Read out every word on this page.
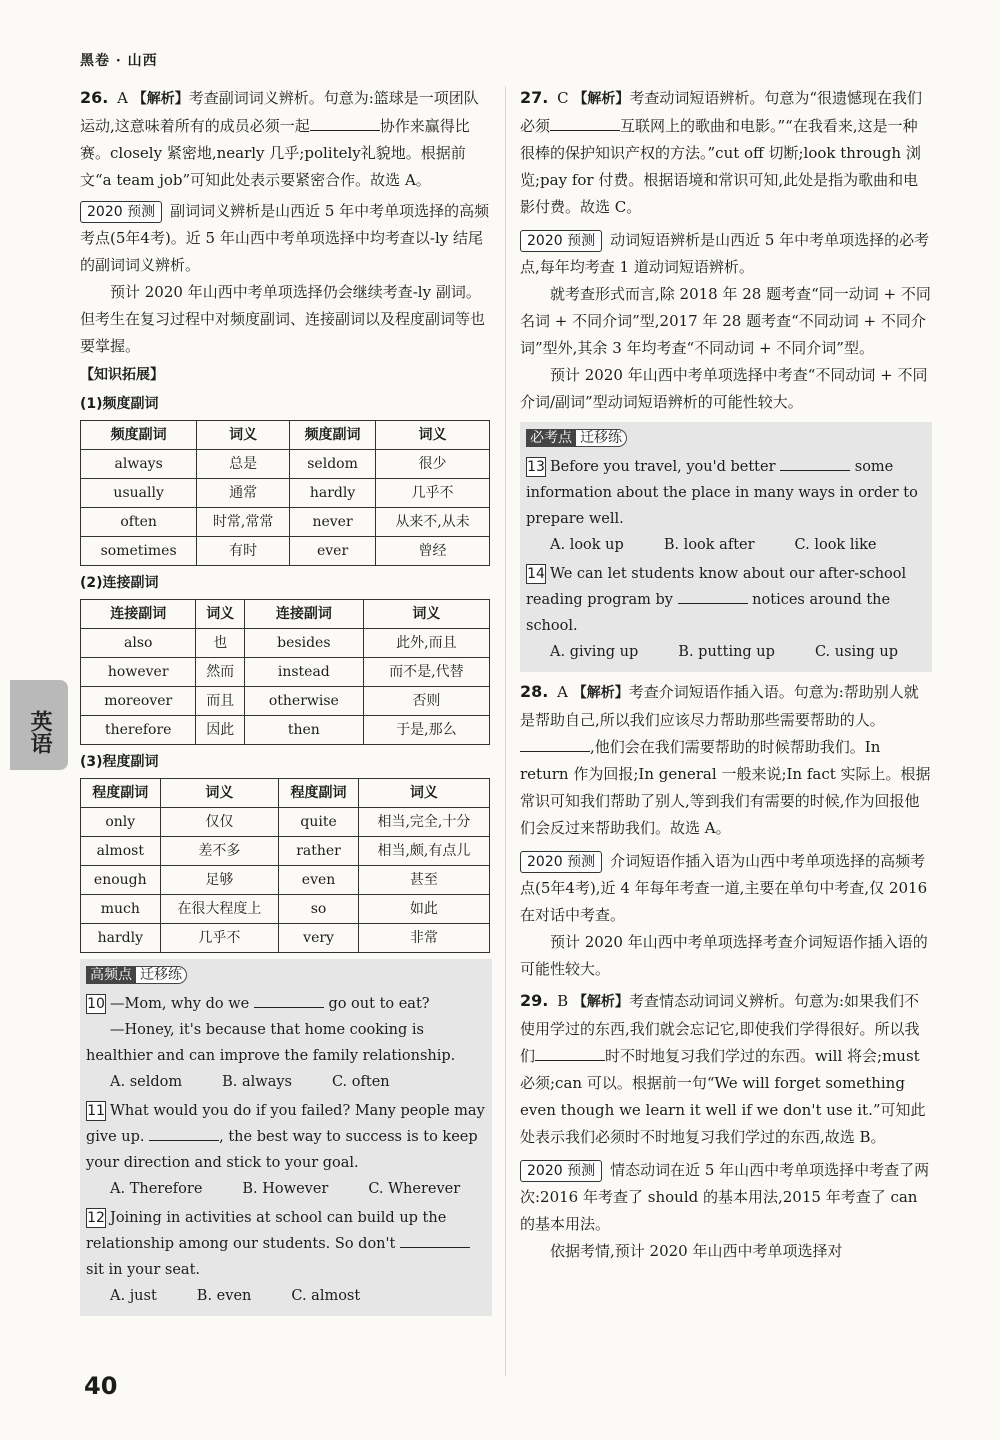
黑卷 · 山西
英语

26. A 【解析】考查副词词义辨析。句意为:篮球是一项团队运动,这意味着所有的成员必须一起	协作来赢得比赛。closely 紧密地,nearly 几乎;politely礼貌地。根据前文“a team job”可知此处表示要紧密合作。故选 A。

2020 预测 副词词义辨析是山西近 5 年中考单项选择的高频考点(5年4考)。近 5 年山西中考单项选择中均考查以-ly 结尾的副词词义辨析。

预计 2020 年山西中考单项选择仍会继续考查-ly 副词。但考生在复习过程中对频度副词、连接副词以及程度副词等也要掌握。

【知识拓展】
(1)频度副词
频度副词	词义	频度副词	词义
always	总是	seldom	很少
usually	通常	hardly	几乎不
often	时常,常常	never	从来不,从未
sometimes	有时	ever	曾经
(2)连接副词
连接副词	词义	连接副词	词义
also	也	besides	此外,而且
however	然而	instead	而不是,代替
moreover	而且	otherwise	否则
therefore	因此	then	于是,那么
(3)程度副词
程度副词	词义	程度副词	词义
only	仅仅	quite	相当,完全,十分
almost	差不多	rather	相当,颇,有点儿
enough	足够	even	甚至
much	在很大程度上	so	如此
hardly	几乎不	very	非常
高频点 迁移练
10 —Mom, why do we	go out to eat?
—Honey, it's because that home cooking is healthier and can improve the family relationship.
A. seldom	B. always	C. often
11 What would you do if you failed? Many people may give up.	, the best way to success is to keep your direction and stick to your goal.
A. Therefore	B. However	C. Wherever
12 Joining in activities at school can build up the relationship among our students. So don't  sit in your seat.
A. just	B. even	C. almost

27. C 【解析】考查动词短语辨析。句意为“很遗憾现在我们必须	互联网上的歌曲和电影。”“在我看来,这是一种很棒的保护知识产权的方法。”cut off 切断;look through 浏览;pay for 付费。根据语境和常识可知,此处是指为歌曲和电影付费。故选 C。

2020 预测 动词短语辨析是山西近 5 年中考单项选择的必考点,每年均考查 1 道动词短语辨析。

就考查形式而言,除 2018 年 28 题考查“同一动词 + 不同名词 + 不同介词”型,2017 年 28 题考查“不同动词 + 不同介词”型外,其余 3 年均考查“不同动词 + 不同介词”型。

预计 2020 年山西中考单项选择中考查“不同动词 + 不同介词/副词”型动词短语辨析的可能性较大。

必考点 迁移练
13 Before you travel, you'd better	some information about the place in many ways in order to prepare well.
A. look up	B. look after	C. look like
14 We can let students know about our after-school reading program by	notices around the school.
A. giving up	B. putting up	C. using up

28. A 【解析】考查介词短语作插入语。句意为:帮助别人就是帮助自己,所以我们应该尽力帮助那些需要帮助的人。,他们会在我们需要帮助的时候帮助我们。In return 作为回报;In general 一般来说;In fact 实际上。根据常识可知我们帮助了别人,等到我们有需要的时候,作为回报他们会反过来帮助我们。故选 A。

2020 预测 介词短语作插入语为山西中考单项选择的高频考点(5年4考),近 4 年每年考查一道,主要在单句中考查,仅 2016 在对话中考查。

预计 2020 年山西中考单项选择考查介词短语作插入语的可能性较大。

29. B 【解析】考查情态动词词义辨析。句意为:如果我们不使用学过的东西,我们就会忘记它,即使我们学得很好。所以我们	时不时地复习我们学过的东西。will 将会;must 必须;can 可以。根据前一句“We will forget something even though we learn it well if we don't use it.”可知此处表示我们必须时不时地复习我们学过的东西,故选 B。

2020 预测 情态动词在近 5 年山西中考单项选择中考查了两次:2016 年考查了 should 的基本用法,2015 年考查了 can 的基本用法。

依据考情,预计 2020 年山西中考单项选择对

40
